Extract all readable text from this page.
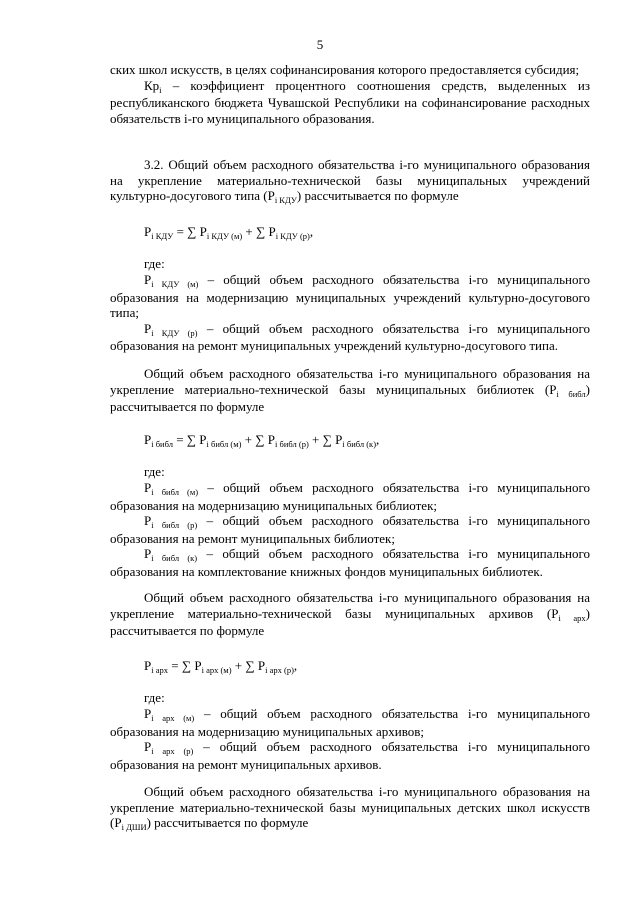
5

ских школ искусств, в целях софинансирования которого предоставляется субсидия;

$Кр_i$ – коэффициент процентного соотношения средств, выделенных из республиканского бюджета Чувашской Республики на софинансирование расходных обязательств i-го муниципального образования.

3.2. Общий объем расходного обязательства i-го муниципального образования на укрепление материально-технической базы муниципальных учреждений культурно-досугового типа $(P_{i КДУ})$ рассчитывается по формуле

$P_{i КДУ}$ = ∑ $P_{i КДУ (м)}$ + ∑ $P_{i КДУ (р)}$,
где:

$P_{i КДУ (м)}$ – общий объем расходного обязательства i-го муниципального образования на модернизацию муниципальных учреждений культурно-досугового типа;

$P_{i КДУ (р)}$ – общий объем расходного обязательства i-го муниципального образования на ремонт муниципальных учреждений культурно-досугового типа.

Общий объем расходного обязательства i-го муниципального образования на укрепление материально-технической базы муниципальных библиотек $(P_{i библ})$ рассчитывается по формуле

$P_{i библ}$ = ∑ $P_{i библ (м)}$ + ∑ $P_{i библ (р)}$ + ∑ $P_{i библ (к)}$,
где:

$P_{i библ (м)}$ – общий объем расходного обязательства i-го муниципального образования на модернизацию муниципальных библиотек;

$P_{i библ (р)}$ – общий объем расходного обязательства i-го муниципального образования на ремонт муниципальных библиотек;

$P_{i библ (к)}$ – общий объем расходного обязательства i-го муниципального образования на комплектование книжных фондов муниципальных библиотек.

Общий объем расходного обязательства i-го муниципального образования на укрепление материально-технической базы муниципальных архивов $(P_{i арх})$ рассчитывается по формуле

$P_{i арх}$ = ∑ $P_{i арх (м)}$ + ∑ $P_{i арх (р)}$,
где:

$P_{i арх (м)}$ – общий объем расходного обязательства i-го муниципального образования на модернизацию муниципальных архивов;

$P_{i арх (р)}$ – общий объем расходного обязательства i-го муниципального образования на ремонт муниципальных архивов.

Общий объем расходного обязательства i-го муниципального образования на укрепление материально-технической базы муниципальных детских школ искусств $(P_{i ДШИ})$ рассчитывается по формуле
